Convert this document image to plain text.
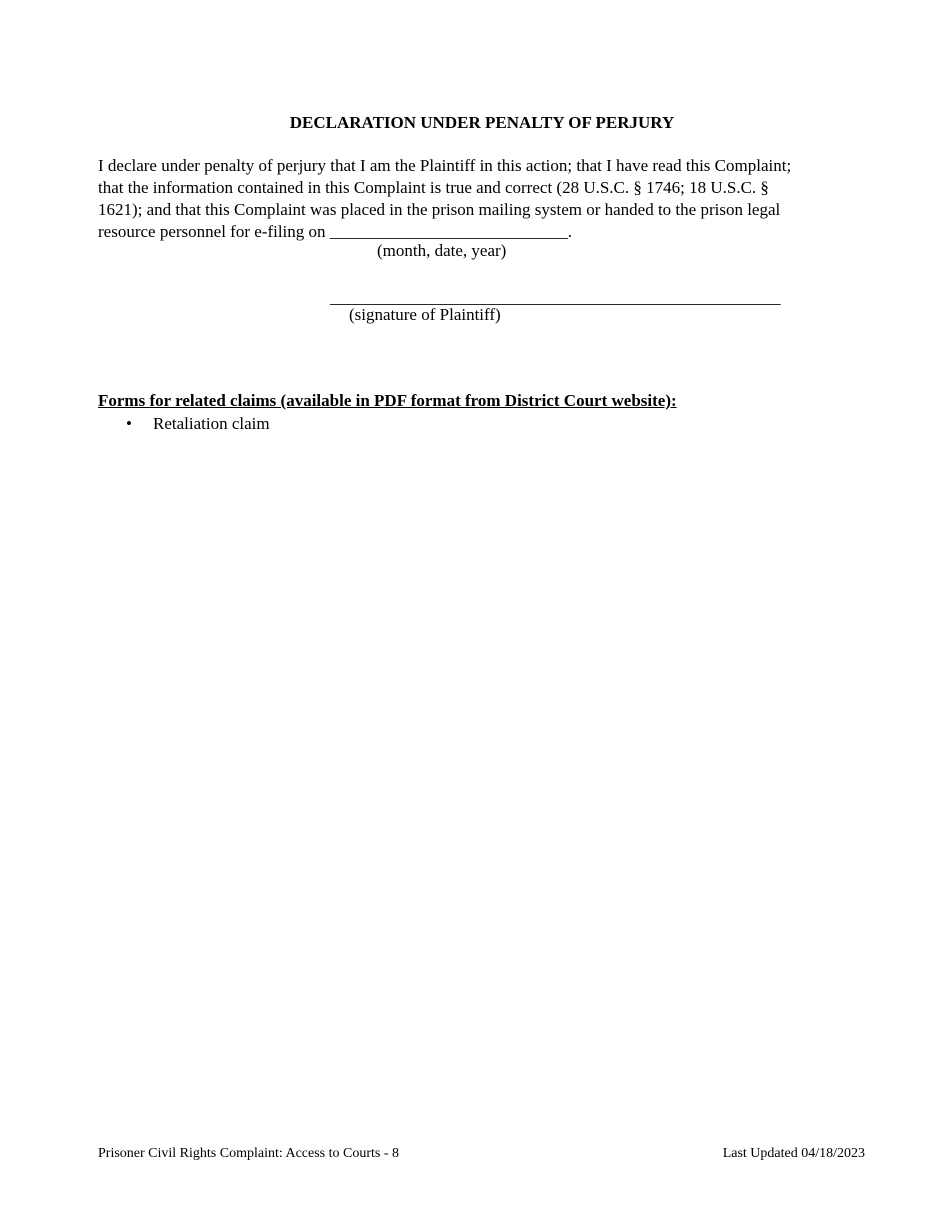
DECLARATION UNDER PENALTY OF PERJURY
I declare under penalty of perjury that I am the Plaintiff in this action; that I have read this Complaint;
that the information contained in this Complaint is true and correct (28 U.S.C. § 1746; 18 U.S.C. §
1621); and that this Complaint was placed in the prison mailing system or handed to the prison legal
resource personnel for e-filing on ____________________________.
(month, date, year)
_____________________________________________________
(signature of Plaintiff)
Forms for related claims (available in PDF format from District Court website):
• Retaliation claim
Prisoner Civil Rights Complaint: Access to Courts - 8	Last Updated 04/18/2023
